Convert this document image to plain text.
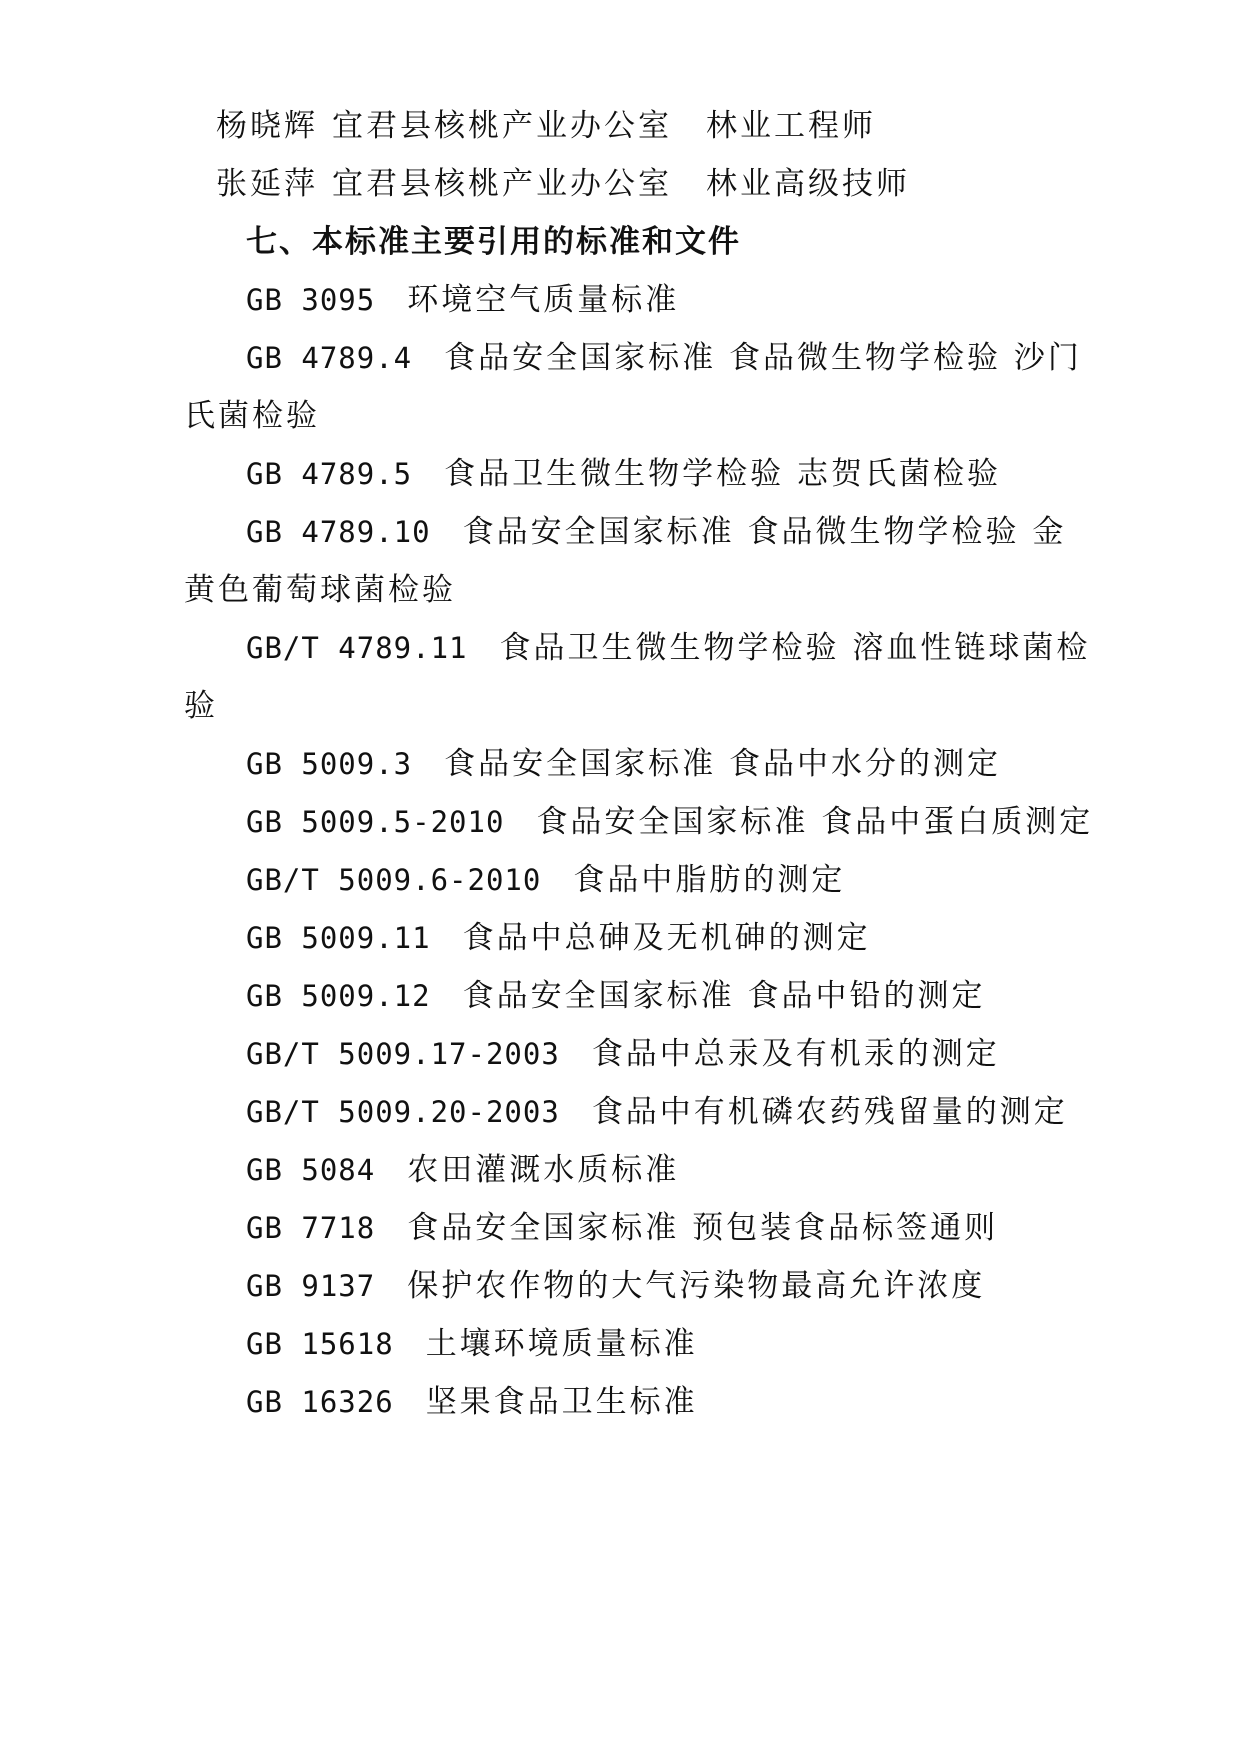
杨晓辉 宜君县核桃产业办公室 林业工程师
张延萍 宜君县核桃产业办公室 林业高级技师
七、本标准主要引用的标准和文件
GB 3095 环境空气质量标准
GB 4789.4 食品安全国家标准 食品微生物学检验 沙门
氏菌检验
GB 4789.5 食品卫生微生物学检验 志贺氏菌检验
GB 4789.10 食品安全国家标准 食品微生物学检验 金
黄色葡萄球菌检验
GB/T 4789.11 食品卫生微生物学检验 溶血性链球菌检
验
GB 5009.3 食品安全国家标准 食品中水分的测定
GB 5009.5-2010 食品安全国家标准 食品中蛋白质测定
GB/T 5009.6-2010 食品中脂肪的测定
GB 5009.11 食品中总砷及无机砷的测定
GB 5009.12 食品安全国家标准 食品中铅的测定
GB/T 5009.17-2003 食品中总汞及有机汞的测定
GB/T 5009.20-2003 食品中有机磷农药残留量的测定
GB 5084 农田灌溉水质标准
GB 7718 食品安全国家标准 预包装食品标签通则
GB 9137 保护农作物的大气污染物最高允许浓度
GB 15618 土壤环境质量标准
GB 16326 坚果食品卫生标准
